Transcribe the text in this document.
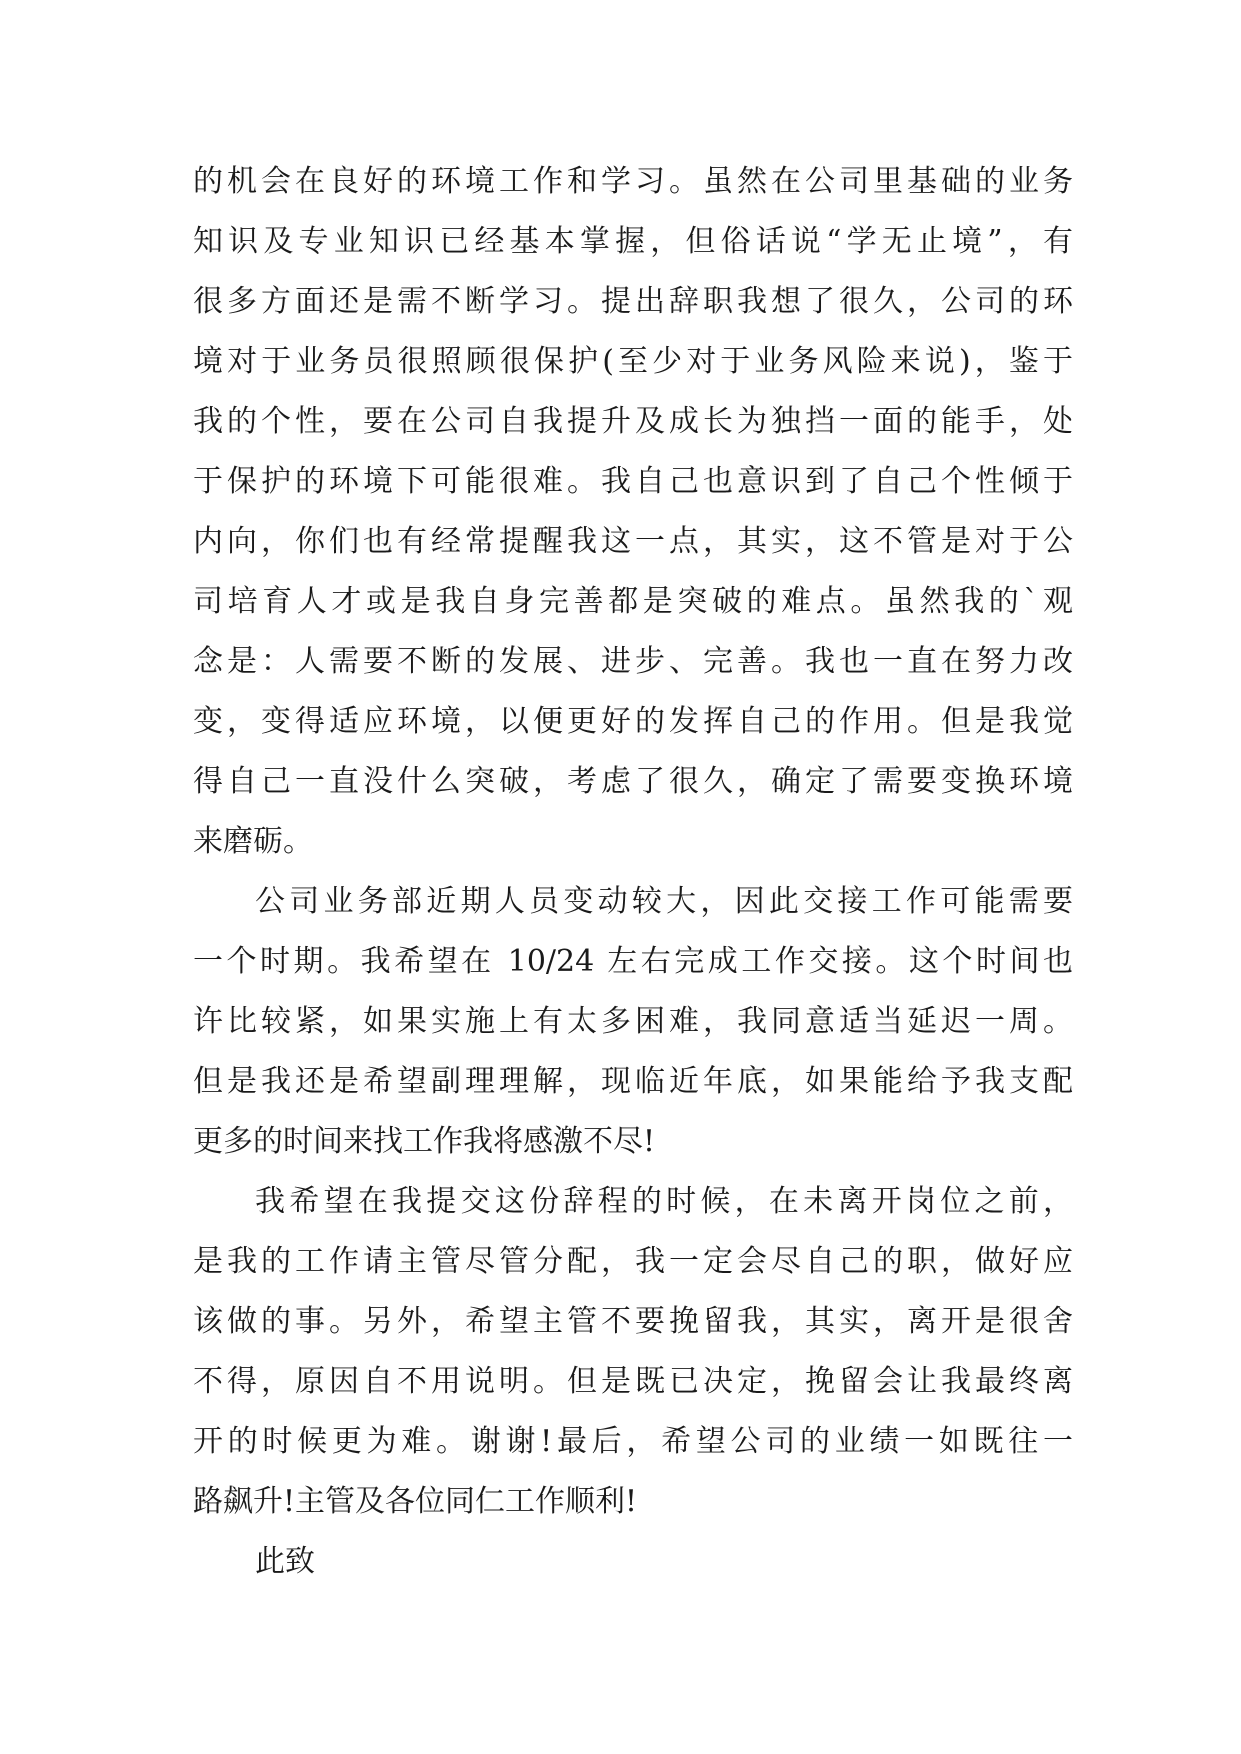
的机会在良好的环境工作和学习。虽然在公司里基础的业务
知识及专业知识已经基本掌握，但俗话说“学无止境”，有
很多方面还是需不断学习。提出辞职我想了很久，公司的环
境对于业务员很照顾很保护(至少对于业务风险来说)，鉴于
我的个性，要在公司自我提升及成长为独挡一面的能手，处
于保护的环境下可能很难。我自己也意识到了自己个性倾于
内向，你们也有经常提醒我这一点，其实，这不管是对于公
司培育人才或是我自身完善都是突破的难点。虽然我的`观
念是：人需要不断的发展、进步、完善。我也一直在努力改
变，变得适应环境，以便更好的发挥自己的作用。但是我觉
得自己一直没什么突破，考虑了很久，确定了需要变换环境
来磨砺。
公司业务部近期人员变动较大，因此交接工作可能需要
一个时期。我希望在 10/24 左右完成工作交接。这个时间也
许比较紧，如果实施上有太多困难，我同意适当延迟一周。
但是我还是希望副理理解，现临近年底，如果能给予我支配
更多的时间来找工作我将感激不尽!
我希望在我提交这份辞程的时候，在未离开岗位之前，
是我的工作请主管尽管分配，我一定会尽自己的职，做好应
该做的事。另外，希望主管不要挽留我，其实，离开是很舍
不得，原因自不用说明。但是既已决定，挽留会让我最终离
开的时候更为难。谢谢!最后，希望公司的业绩一如既往一
路飙升!主管及各位同仁工作顺利!
此致
